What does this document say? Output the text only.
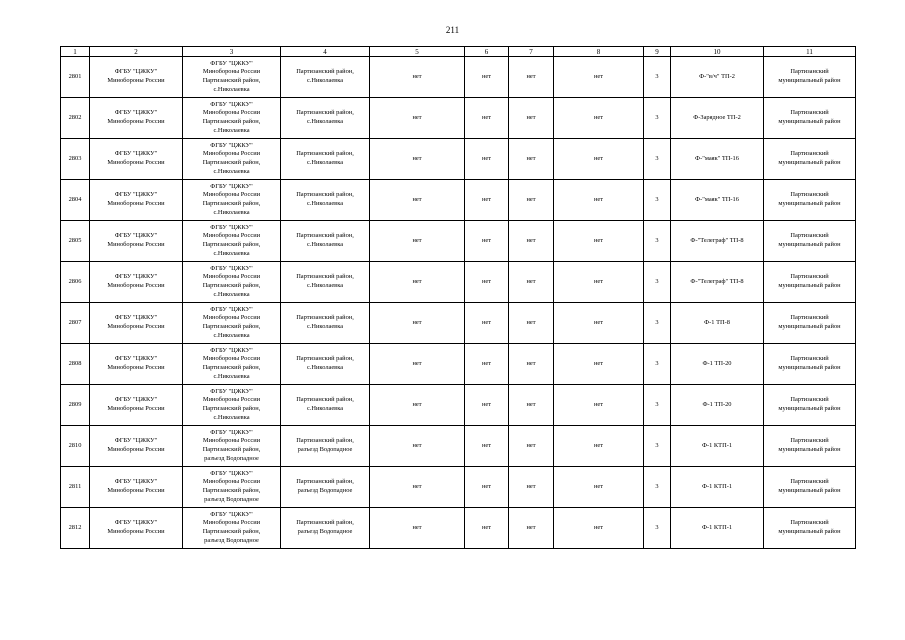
211
1	2	3	4	5	6	7	8	9	10	11
2801	ФГБУ "ЦЖКУ"
Минобороны России	ФГБУ "ЦЖКУ"
Минобороны России
Партизанский район,
с.Николаевка	Партизанский район,
с.Николаевка	нет	нет	нет	нет	3	Ф-"в/ч" ТП-2	Партизанский
муниципальный район

2802	ФГБУ "ЦЖКУ"
Минобороны России	ФГБУ "ЦЖКУ"
Минобороны России
Партизанский район,
с.Николаевка	Партизанский район,
с.Николаевка	нет	нет	нет	нет	3	Ф-Зарядное ТП-2	Партизанский
муниципальный район

2803	ФГБУ "ЦЖКУ"
Минобороны России	ФГБУ "ЦЖКУ"
Минобороны России
Партизанский район,
с.Николаевка	Партизанский район,
с.Николаевка	нет	нет	нет	нет	3	Ф-"маяк" ТП-16	Партизанский
муниципальный район

2804	ФГБУ "ЦЖКУ"
Минобороны России	ФГБУ "ЦЖКУ"
Минобороны России
Партизанский район,
с.Николаевка	Партизанский район,
с.Николаевка	нет	нет	нет	нет	3	Ф-"маяк" ТП-16	Партизанский
муниципальный район

2805	ФГБУ "ЦЖКУ"
Минобороны России	ФГБУ "ЦЖКУ"
Минобороны России
Партизанский район,
с.Николаевка	Партизанский район,
с.Николаевка	нет	нет	нет	нет	3	Ф-"Телеграф" ТП-8	Партизанский
муниципальный район

2806	ФГБУ "ЦЖКУ"
Минобороны России	ФГБУ "ЦЖКУ"
Минобороны России
Партизанский район,
с.Николаевка	Партизанский район,
с.Николаевка	нет	нет	нет	нет	3	Ф-"Телеграф" ТП-8	Партизанский
муниципальный район

2807	ФГБУ "ЦЖКУ"
Минобороны России	ФГБУ "ЦЖКУ"
Минобороны России
Партизанский район,
с.Николаевка	Партизанский район,
с.Николаевка	нет	нет	нет	нет	3	Ф-1 ТП-8	Партизанский
муниципальный район

2808	ФГБУ "ЦЖКУ"
Минобороны России	ФГБУ "ЦЖКУ"
Минобороны России
Партизанский район,
с.Николаевка	Партизанский район,
с.Николаевка	нет	нет	нет	нет	3	Ф-1 ТП-20	Партизанский
муниципальный район

2809	ФГБУ "ЦЖКУ"
Минобороны России	ФГБУ "ЦЖКУ"
Минобороны России
Партизанский район,
с.Николаевка	Партизанский район,
с.Николаевка	нет	нет	нет	нет	3	Ф-1 ТП-20	Партизанский
муниципальный район

2810	ФГБУ "ЦЖКУ"
Минобороны России	ФГБУ "ЦЖКУ"
Минобороны России
Партизанский район,
разъезд Водопадное	Партизанский район,
разъезд Водопадное	нет	нет	нет	нет	3	Ф-1 КТП-1	Партизанский
муниципальный район

2811	ФГБУ "ЦЖКУ"
Минобороны России	ФГБУ "ЦЖКУ"
Минобороны России
Партизанский район,
разъезд Водопадное	Партизанский район,
разъезд Водопадное	нет	нет	нет	нет	3	Ф-1 КТП-1	Партизанский
муниципальный район

2812	ФГБУ "ЦЖКУ"
Минобороны России	ФГБУ "ЦЖКУ"
Минобороны России
Партизанский район,
разъезд Водопадное	Партизанский район,
разъезд Водопадное	нет	нет	нет	нет	3	Ф-1 КТП-1	Партизанский
муниципальный район
